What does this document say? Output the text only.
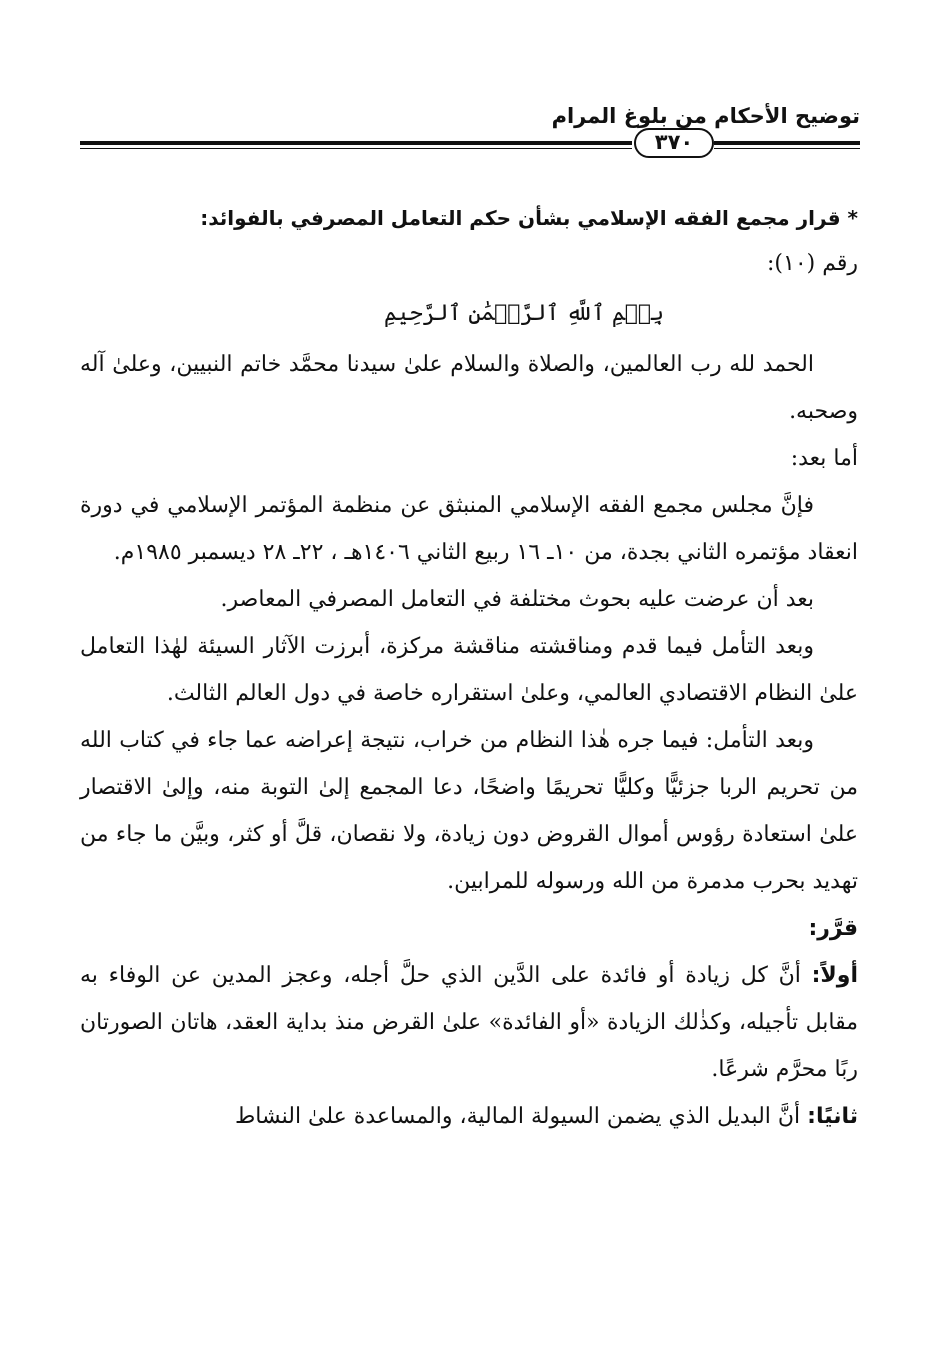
توضيح الأحكام من بلوغ المرام
٣٧٠

* قرار مجمع الفقه الإسلامي بشأن حكم التعامل المصرفي بالفوائد:

رقم (١٠):

بِسۡمِ ٱللَّهِ ٱلرَّحۡمَٰنِ ٱلرَّحِيمِ

الحمد لله رب العالمين، والصلاة والسلام علىٰ سيدنا محمَّد خاتم النبيين، وعلىٰ آله وصحبه.

أما بعد:

فإنَّ مجلس مجمع الفقه الإسلامي المنبثق عن منظمة المؤتمر الإسلامي في دورة انعقاد مؤتمره الثاني بجدة، من ١٠ـ ١٦ ربيع الثاني ١٤٠٦هـ ، ٢٢ـ ٢٨ ديسمبر ١٩٨٥م.

بعد أن عرضت عليه بحوث مختلفة في التعامل المصرفي المعاصر.

وبعد التأمل فيما قدم ومناقشته مناقشة مركزة، أبرزت الآثار السيئة لهٰذا التعامل علىٰ النظام الاقتصادي العالمي، وعلىٰ استقراره خاصة في دول العالم الثالث.

وبعد التأمل: فيما جره هٰذا النظام من خراب، نتيجة إعراضه عما جاء في كتاب الله من تحريم الربا جزئيًّا وكليًّا تحريمًا واضحًا، دعا المجمع إلىٰ التوبة منه، وإلىٰ الاقتصار علىٰ استعادة رؤوس أموال القروض دون زيادة، ولا نقصان، قلَّ أو كثر، وبيَّن ما جاء من تهديد بحرب مدمرة من الله ورسوله للمرابين.

قرَّر:

أولاً: أنَّ كل زيادة أو فائدة على الدَّين الذي حلَّ أجله، وعجز المدين عن الوفاء به مقابل تأجيله، وكذٰلك الزيادة «أو الفائدة» علىٰ القرض منذ بداية العقد، هاتان الصورتان ربًا محرَّم شرعًا.

ثانيًا: أنَّ البديل الذي يضمن السيولة المالية، والمساعدة علىٰ النشاط
